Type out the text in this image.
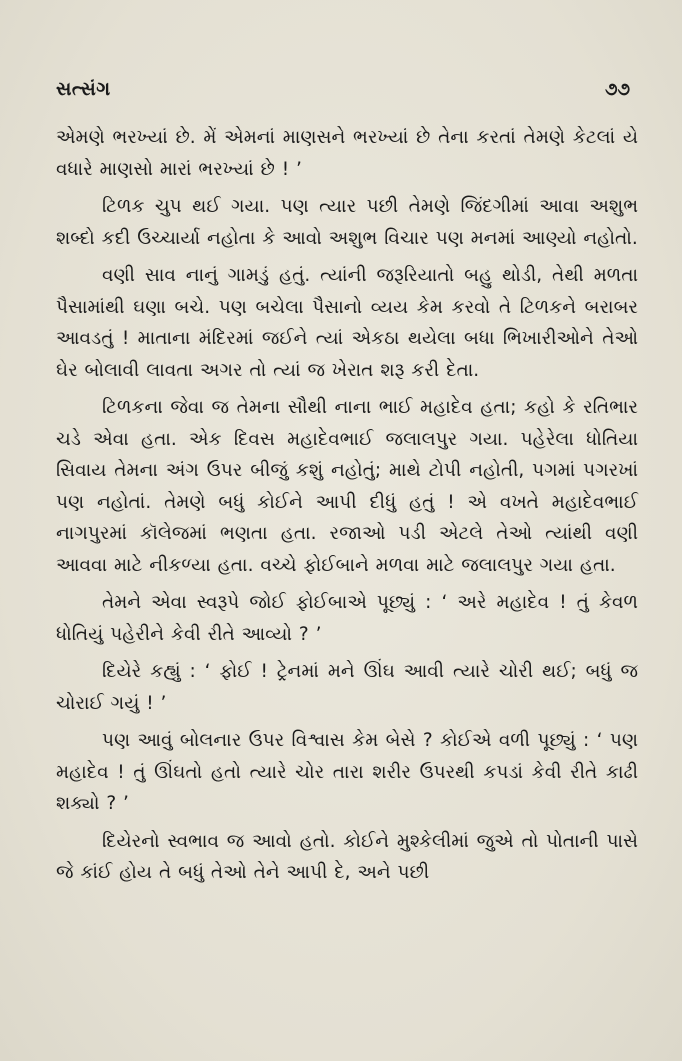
સત્સંગ	૭૭

એમણે ભરખ્યાં છે. મેં એમનાં માણસને ભરખ્યાં છે તેના કરતાં તેમણે કેટલાં યે વધારે માણસો મારાં ભરખ્યાં છે ! ’

ટિળક ચુપ થઈ ગયા. પણ ત્યાર પછી તેમણે જિંદગીમાં આવા અશુભ શબ્દો કદી ઉચ્ચાર્યા નહોતા કે આવો અશુભ વિચાર પણ મનમાં આણ્યો નહોતો.

વણી સાવ નાનું ગામડું હતું. ત્યાંની જરૂરિયાતો બહુ થોડી, તેથી મળતા પૈસામાંથી ઘણા બચે. પણ બચેલા પૈસાનો વ્યય કેમ કરવો તે ટિળકને બરાબર આવડતું ! માતાના મંદિરમાં જઈને ત્યાં એકઠા થયેલા બધા ભિખારીઓને તેઓ ઘેર બોલાવી લાવતા અગર તો ત્યાં જ ખેરાત શરૂ કરી દેતા.

ટિળકના જેવા જ તેમના સૌથી નાના ભાઈ મહાદેવ હતા; કહો કે રતિભાર ચડે એવા હતા. એક દિવસ મહાદેવભાઈ જલાલપુર ગયા. પહેરેલા ધોતિયા સિવાય તેમના અંગ ઉપર બીજું કશું નહોતું; માથે ટોપી નહોતી, પગમાં પગરખાં પણ નહોતાં. તેમણે બધું કોઈને આપી દીધું હતું ! એ વખતે મહાદેવભાઈ નાગપુરમાં કૉલેજમાં ભણતા હતા. રજાઓ પડી એટલે તેઓ ત્યાંથી વણી આવવા માટે નીકળ્યા હતા. વચ્ચે ફોઈબાને મળવા માટે જલાલપુર ગયા હતા.

તેમને એવા સ્વરૂપે જોઈ ફોઈબાએ પૂછ્યું : ‘ અરે મહાદેવ ! તું કેવળ ધોતિયું પહેરીને કેવી રીતે આવ્યો ? ’

દિયેરે કહ્યું : ‘ ફોઈ ! ટ્રેનમાં મને ઊંઘ આવી ત્યારે ચોરી થઈ; બધું જ ચોરાઈ ગયું ! ’

પણ આવું બોલનાર ઉપર વિશ્વાસ કેમ બેસે ? કોઈએ વળી પૂછ્યું : ‘ પણ મહાદેવ ! તું ઊંઘતો હતો ત્યારે ચોર તારા શરીર ઉપરથી કપડાં કેવી રીતે કાઢી શક્યો ? ’

દિયેરનો સ્વભાવ જ આવો હતો. કોઈને મુશ્કેલીમાં જુએ તો પોતાની પાસે જે કાંઈ હોય તે બધું તેઓ તેને આપી દે, અને પછી
